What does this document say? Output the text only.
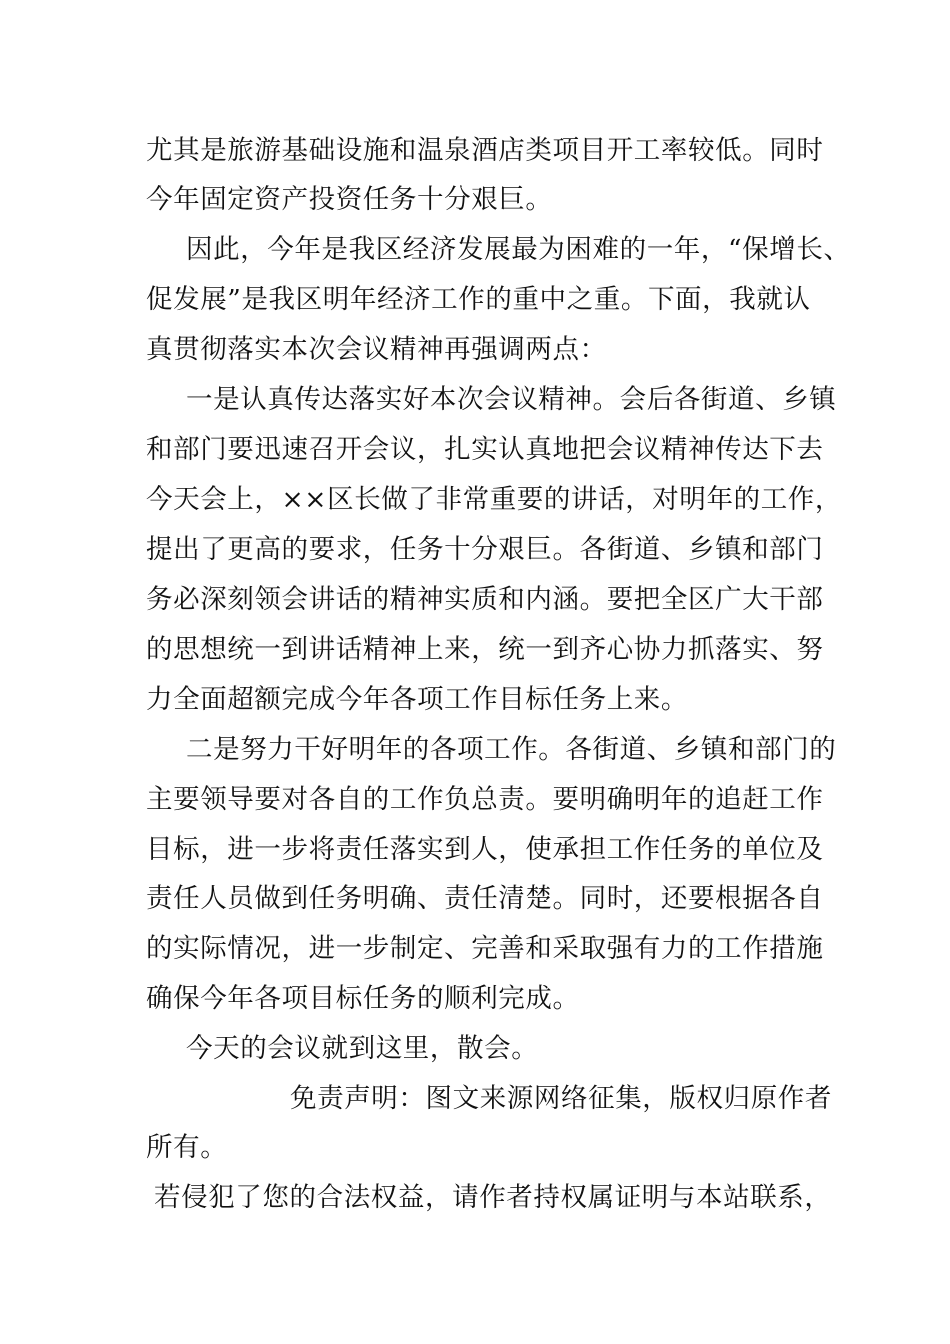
尤其是旅游基础设施和温泉酒店类项目开工率较低。同时
今年固定资产投资任务十分艰巨。
因此，今年是我区经济发展最为困难的一年，“保增长、
促发展”是我区明年经济工作的重中之重。下面，我就认
真贯彻落实本次会议精神再强调两点：
一是认真传达落实好本次会议精神。会后各街道、乡镇
和部门要迅速召开会议，扎实认真地把会议精神传达下去
今天会上，××区长做了非常重要的讲话，对明年的工作，
提出了更高的要求，任务十分艰巨。各街道、乡镇和部门
务必深刻领会讲话的精神实质和内涵。要把全区广大干部
的思想统一到讲话精神上来，统一到齐心协力抓落实、努
力全面超额完成今年各项工作目标任务上来。
二是努力干好明年的各项工作。各街道、乡镇和部门的
主要领导要对各自的工作负总责。要明确明年的追赶工作
目标，进一步将责任落实到人，使承担工作任务的单位及
责任人员做到任务明确、责任清楚。同时，还要根据各自
的实际情况，进一步制定、完善和采取强有力的工作措施
确保今年各项目标任务的顺利完成。
今天的会议就到这里，散会。
免责声明：图文来源网络征集，版权归原作者
所有。
若侵犯了您的合法权益，请作者持权属证明与本站联系，
